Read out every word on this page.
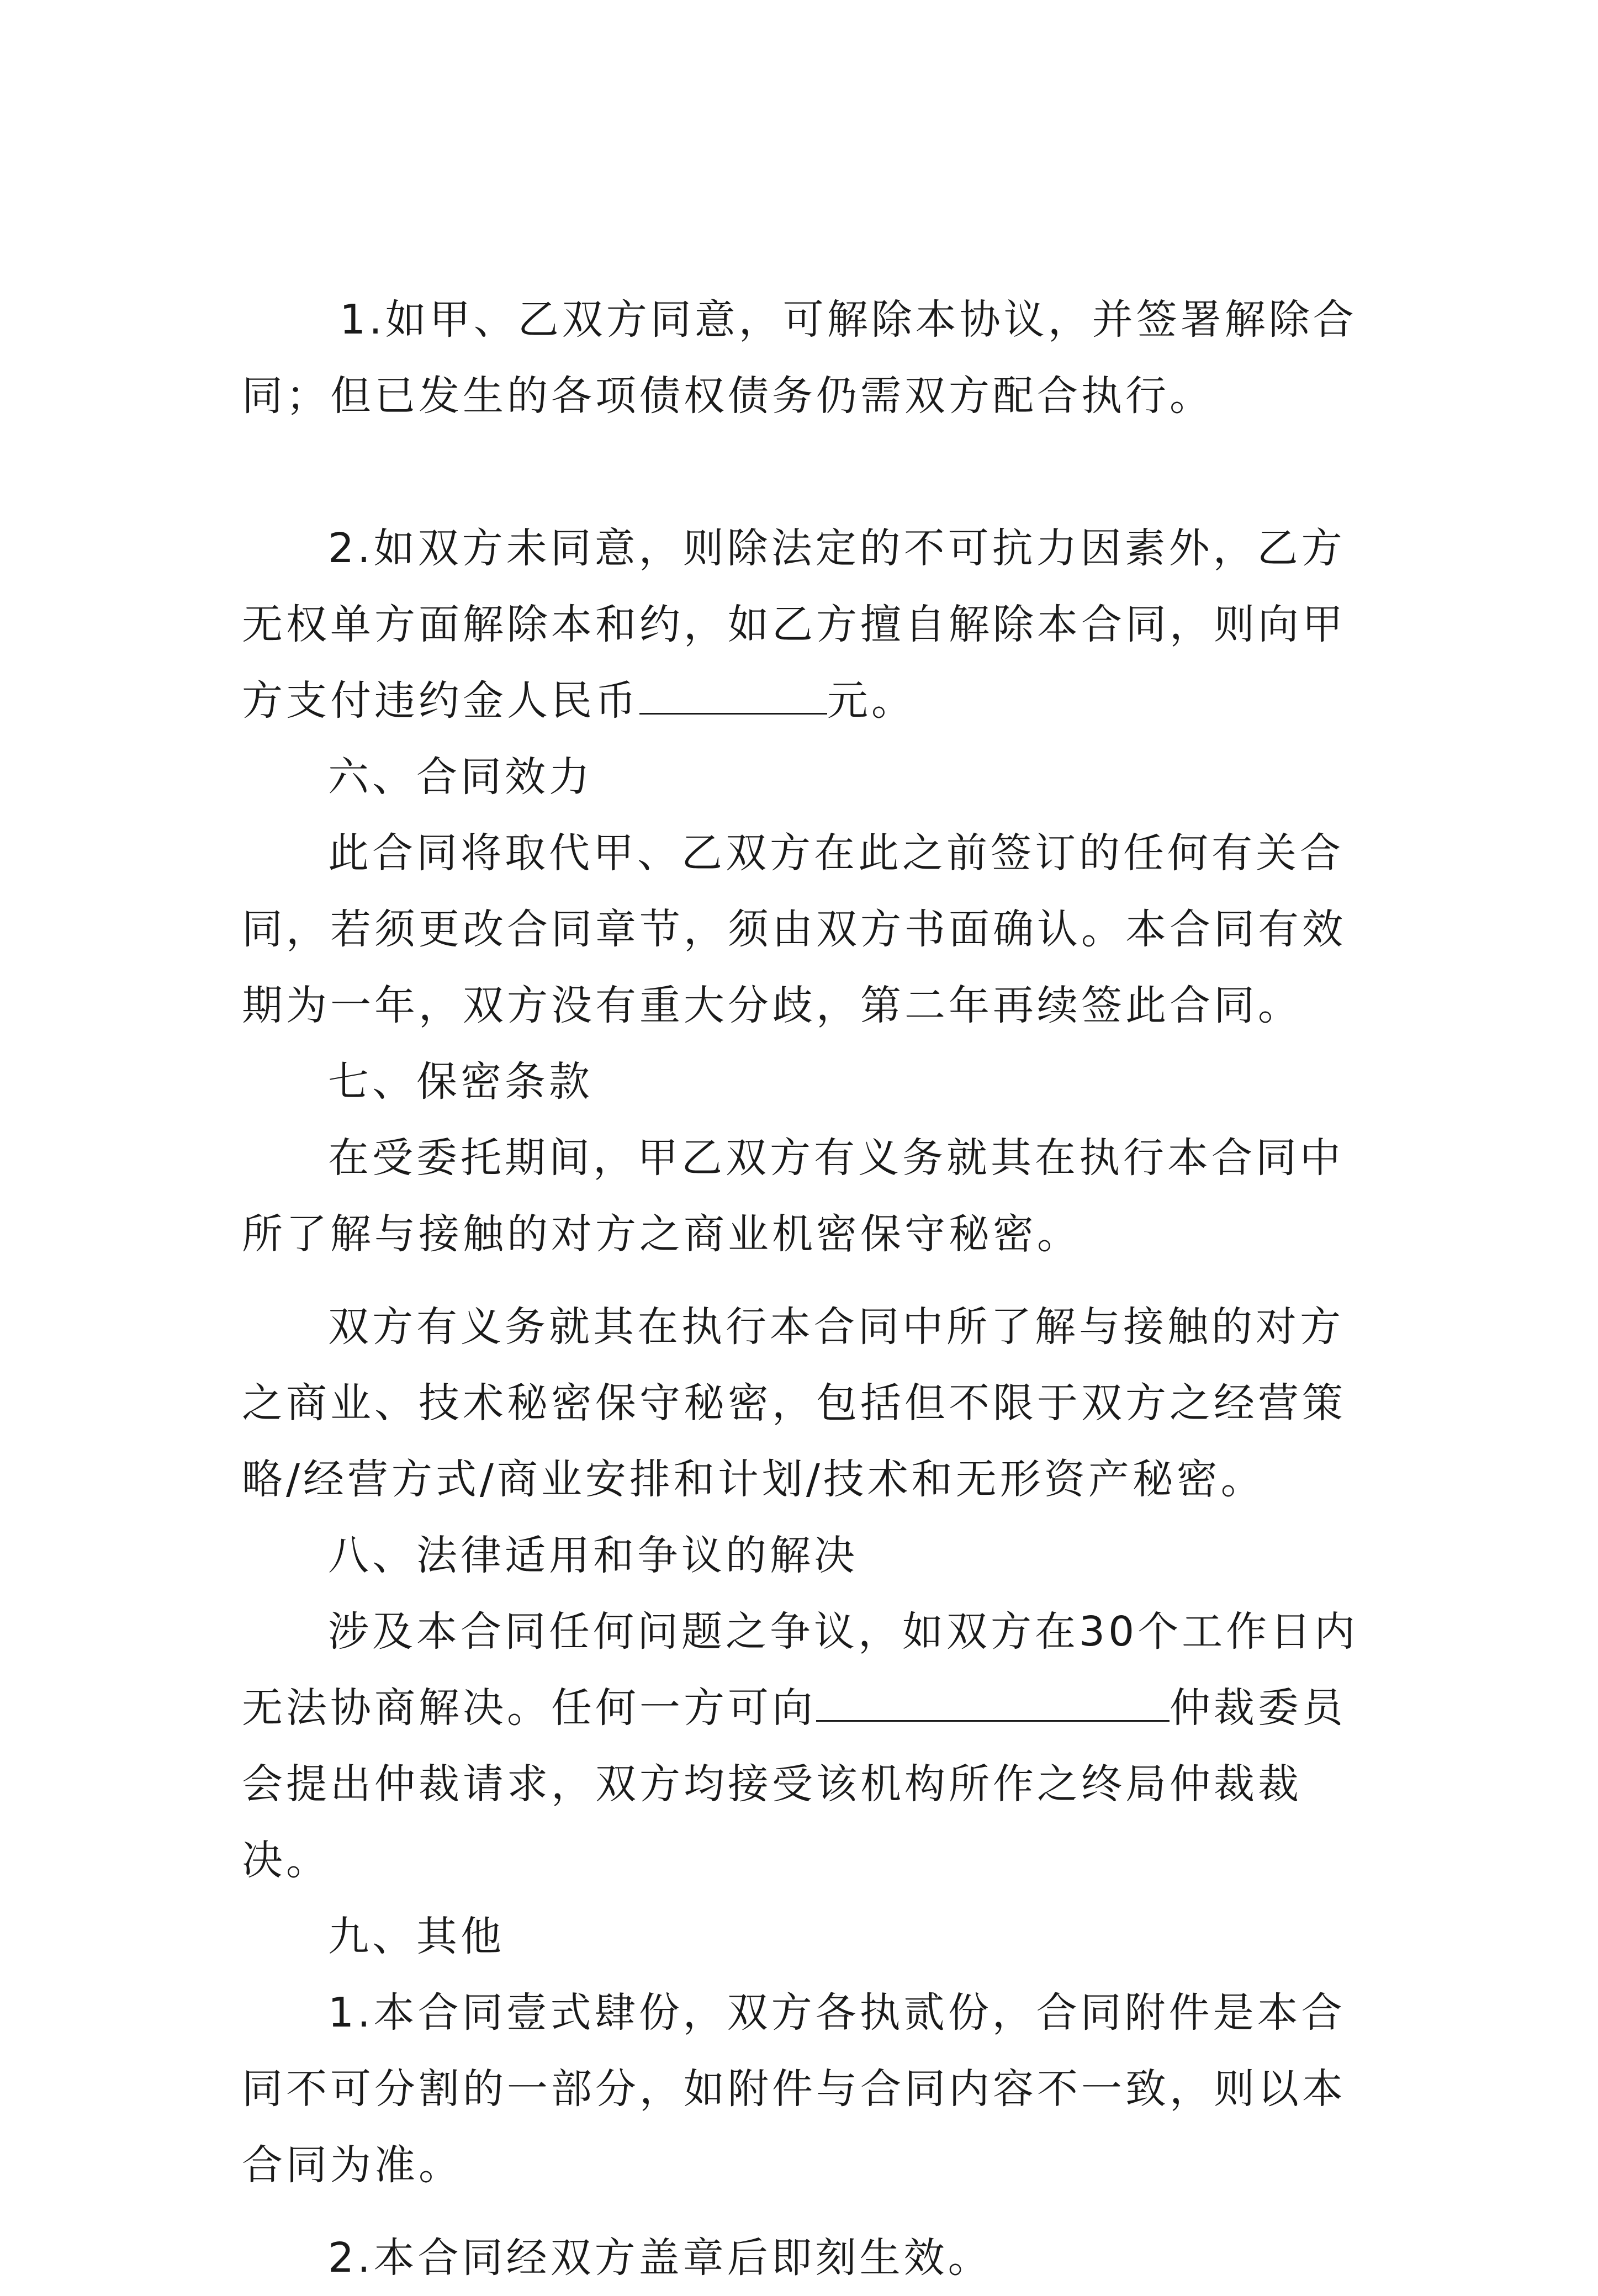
1.如甲、乙双方同意，可解除本协议，并签署解除合同；但已发生的各项债权债务仍需双方配合执行。

2.如双方未同意，则除法定的不可抗力因素外，乙方无权单方面解除本和约，如乙方擅自解除本合同，则向甲方支付违约金人民币	元。

六、合同效力

此合同将取代甲、乙双方在此之前签订的任何有关合同，若须更改合同章节，须由双方书面确认。本合同有效期为一年，双方没有重大分歧，第二年再续签此合同。

七、保密条款

在受委托期间，甲乙双方有义务就其在执行本合同中所了解与接触的对方之商业机密保守秘密。

双方有义务就其在执行本合同中所了解与接触的对方之商业、技术秘密保守秘密，包括但不限于双方之经营策略/经营方式/商业安排和计划/技术和无形资产秘密。

八、法律适用和争议的解决

涉及本合同任何问题之争议，如双方在30个工作日内无法协商解决。任何一方可向	仲裁委员会提出仲裁请求，双方均接受该机构所作之终局仲裁裁决。

九、其他

1.本合同壹式肆份，双方各执贰份，合同附件是本合同不可分割的一部分，如附件与合同内容不一致，则以本合同为准。

2.本合同经双方盖章后即刻生效。
